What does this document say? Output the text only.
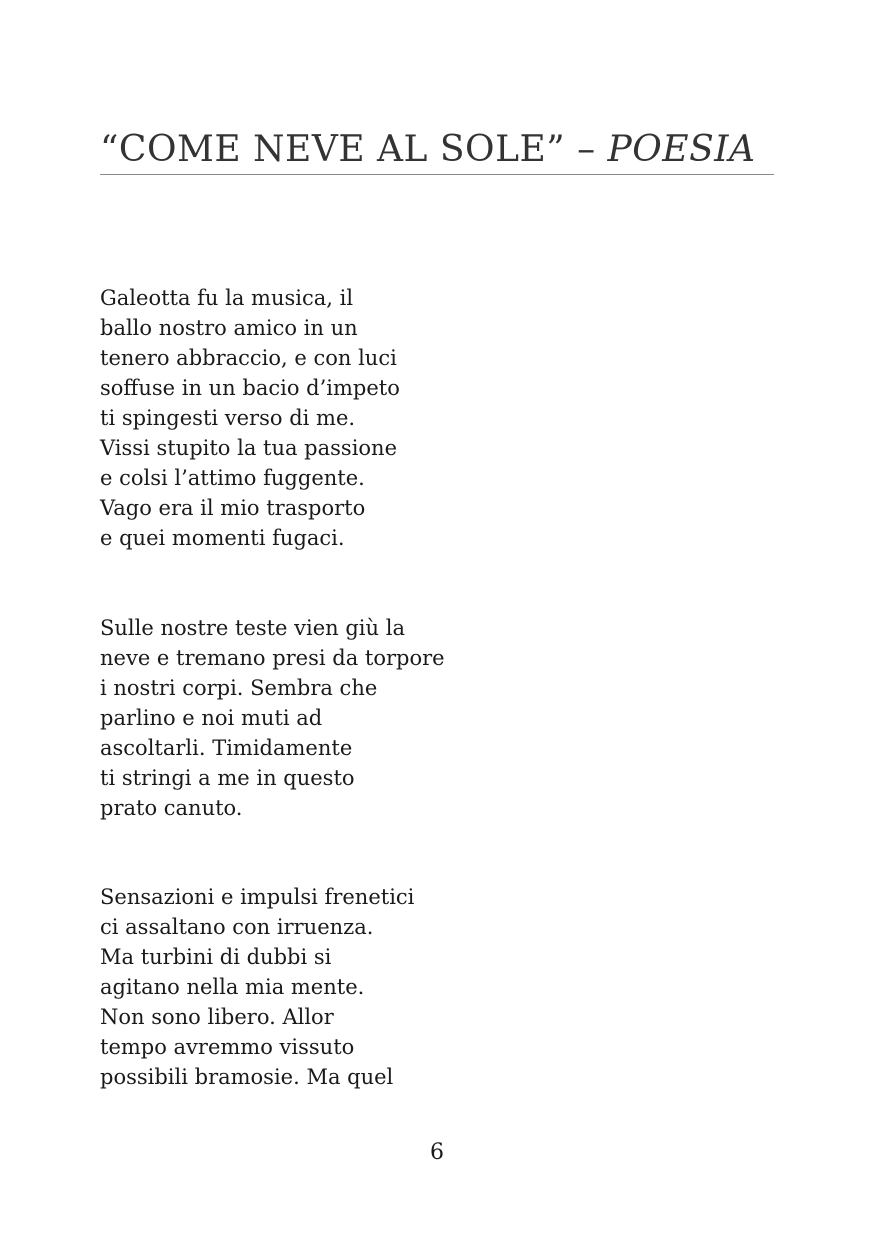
“COME NEVE AL SOLE” – POESIA

Galeotta fu la musica, il
ballo nostro amico in un
tenero abbraccio, e con luci
soffuse in un bacio d’impeto
ti spingesti verso di me.
Vissi stupito la tua passione
e colsi l’attimo fuggente.
Vago era il mio trasporto
e quei momenti fugaci.

Sulle nostre teste vien giù la
neve e tremano presi da torpore
i nostri corpi. Sembra che
parlino e noi muti ad
ascoltarli. Timidamente
ti stringi a me in questo
prato canuto.

Sensazioni e impulsi frenetici
ci assaltano con irruenza.
Ma turbini di dubbi si
agitano nella mia mente.
Non sono libero. Allor
tempo avremmo vissuto
possibili bramosie. Ma quel

6
